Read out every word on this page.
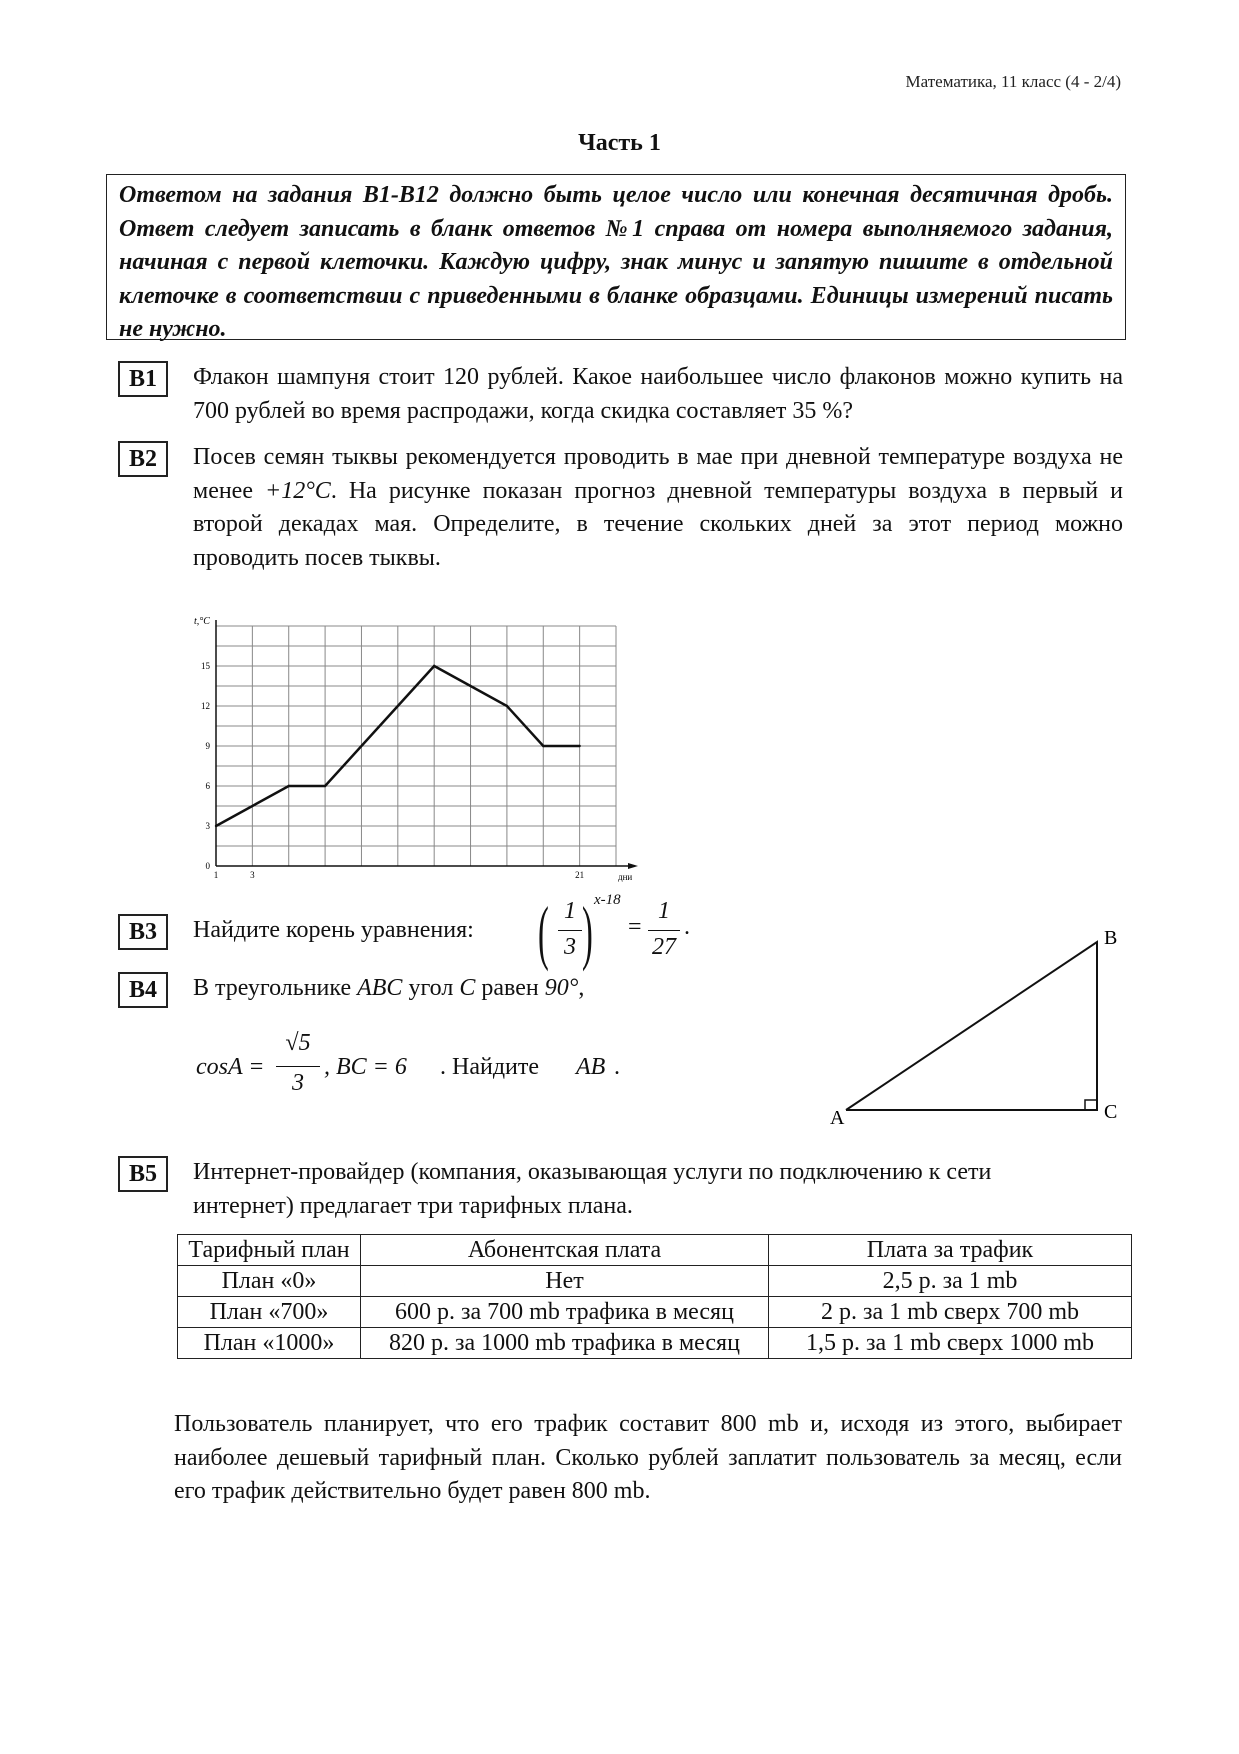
Математика, 11 класс (4 - 2/4)
Часть 1
Ответом на задания В1-В12 должно быть целое число или конечная десятичная дробь. Ответ следует записать в бланк ответов №1 справа от номера выполняемого задания, начиная с первой клеточки. Каждую цифру, знак минус и запятую пишите в отдельной клеточке в соответствии с приведенными в бланке образцами. Единицы измерений писать не нужно.
B1	Флакон шампуня стоит 120 рублей. Какое наибольшее число флаконов можно купить на 700 рублей во время распродажи, когда скидка составляет 35 %?
B2	Посев семян тыквы рекомендуется проводить в мае при дневной температуре воздуха не менее +12°C. На рисунке показан прогноз дневной температуры воздуха в первый и второй декадах мая. Определите, в течение скольких дней за этот период можно проводить посев тыквы.
t,°C
дни
0
3
6
9
12
15
1	3	21
B3	Найдите корень уравнения: ( 1
3 ) x-18
=
1
27
.
B4	В треугольнике ABC угол C равен 90°,
cosA =
√5
3
, BC = 6 . Найдите AB .
A
B
C
B5	Интернет-провайдер (компания, оказывающая услуги по подключению к сети интернет) предлагает три тарифных плана.
Тарифный план	Абонентская плата	Плата за трафик
План «0»	Нет	2,5 р. за 1 mb
План «700»	600 р. за 700 mb трафика в месяц	2 р. за 1 mb сверх 700 mb
План «1000»	820 р. за 1000 mb трафика в месяц	1,5 р. за 1 mb сверх 1000 mb
Пользователь планирует, что его трафик составит 800 mb и, исходя из этого, выбирает наиболее дешевый тарифный план. Сколько рублей заплатит пользователь за месяц, если его трафик действительно будет равен 800 mb.
